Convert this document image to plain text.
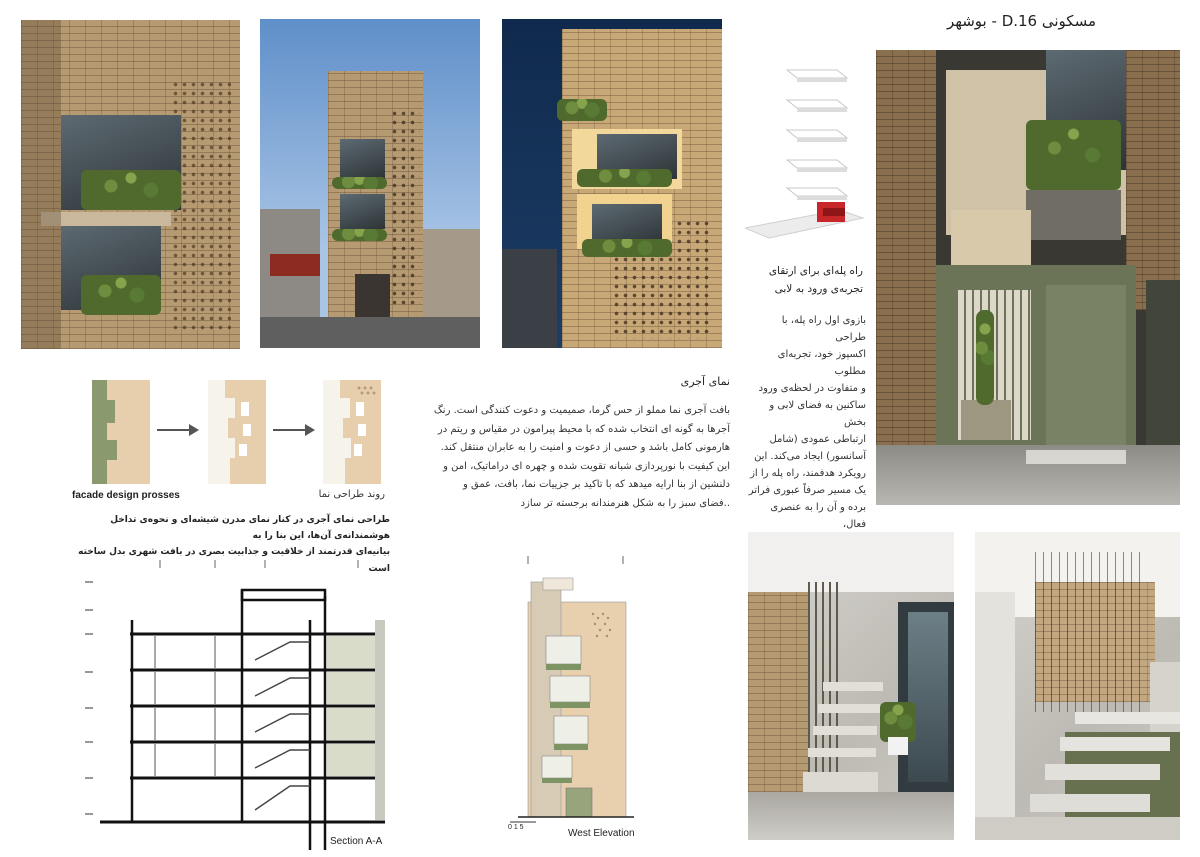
مسکونی D.16 - بوشهر
راه پله‌ای برای ارتقای تجربه‌ی ورود به لابی
بازوی اول راه پله، با طراحی
اکسپوز خود، تجربه‌ای مطلوب
و متفاوت در لحظه‌ی ورود
ساکنین به فضای لابی و بخش
ارتباطی عمودی (شامل
آسانسور) ایجاد می‌کند. این
رویکرد هدفمند، راه پله را از
یک مسیر صرفاً عبوری فراتر
برده و آن را به عنصری فعال،
نمای آجری
بافت آجری نما مملو از حس گرما، صمیمیت و دعوت کنندگی است. رنگ
آجرها به گونه ای انتخاب شده که با محیط پیرامون در مقیاس و ریتم در
هارمونی کامل باشد و حسی از دعوت و امنیت را به عابران منتقل کند.
این کیفیت با نورپردازی شبانه تقویت شده و چهره ای دراماتیک، امن و
دلنشین از بنا ارایه میدهد که با تاکید بر جزییات نما، بافت، عمق و
..فضای سبز را به شکل هنرمندانه برجسته تر سازد
facade design prosses	روند طراحی نما
طراحی نمای آجری در کنار نمای مدرن شیشه‌ای و نحوه‌ی تداخل هوشمندانه‌ی آن‌ها، این بنا را به
بیانیه‌ای قدرتمند از خلاقیت و جذابیت بصری در بافت شهری بدل ساخته است
Section A-A
0 1 5
West Elevation
